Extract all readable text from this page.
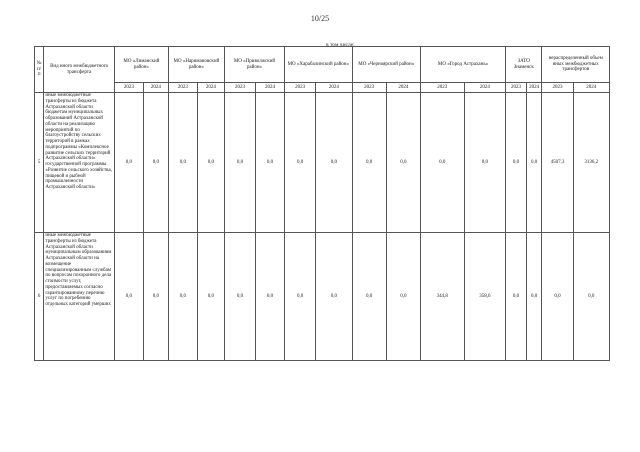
10/25
в том числе:
№ п/п	Вид иного межбюджетного трансферта	МО «Лиманский район»		МО «Наримановский район»		МО «Приволжский район»		МО «Харабалинский район»		МО «Черноярский район»		МО «Город Астрахань»		ЗАТО Знаменск		нераспределенный объем иных межбюджетных трансфертов	
		2023	2024	2023	2024	2023	2024	2023	2024	2023	2024	2023	2024	2023	2024	2023	2024
5	иные межбюджетные трансферты из бюджета Астраханской области бюджетам муниципальных образований Астраханской области на реализацию мероприятий по благоустройству сельских территорий в рамках подпрограммы «Комплексное развитие сельских территорий Астраханской области» государственной программы «Развитие сельского хозяйства, пищевой и рыбной промышленности Астраханской области»	0,0	0,0	0,0	0,0	0,0	0,0	0,0	0,0	0,0	0,0	0,0	0,0	0,0	0,0	4507,3	3136,2
6	иные межбюджетные трансферты из бюджета Астраханской области муниципальным образованиям Астраханской области на возмещение специализированным службам по вопросам похоронного дела стоимости услуг, предоставляемых согласно гарантированному перечню услуг по погребению отдельных категорий умерших	0,0	0,0	0,0	0,0	0,0	0,0	0,0	0,0	0,0	0,0	344,8	358,6	0,0	0,0	0,0	0,0
